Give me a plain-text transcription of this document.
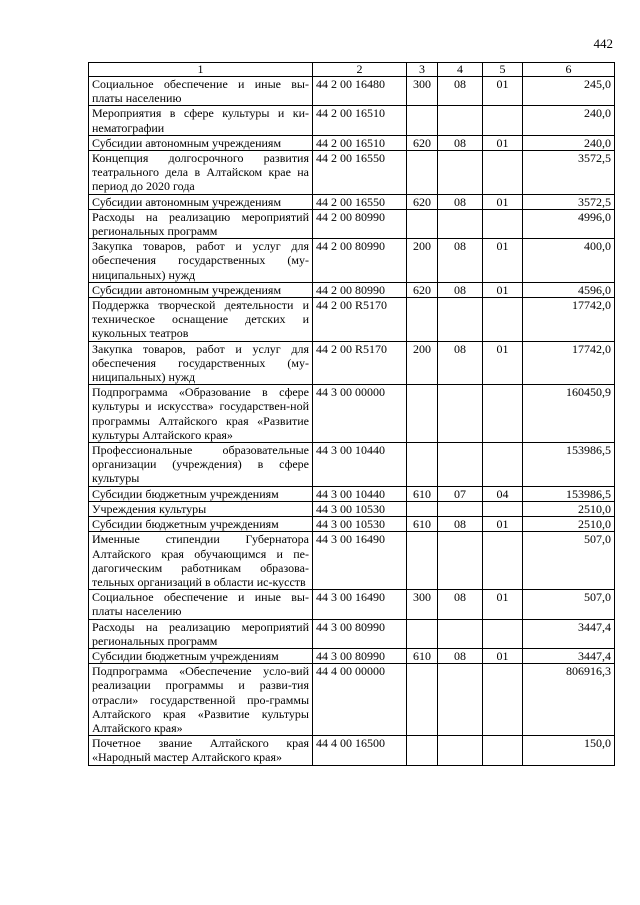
442
1	2	3	4	5	6

Социальное обеспечение и иные вы-платы населению	44 2 00 16480	300	08	01	245,0

Мероприятия в сфере культуры и ки-нематографии	44 2 00 16510				240,0

Субсидии автономным учреждениям	44 2 00 16510	620	08	01	240,0

Концепция долгосрочного развития театрального дела в Алтайском крае на период до 2020 года	44 2 00 16550				3572,5

Субсидии автономным учреждениям	44 2 00 16550	620	08	01	3572,5

Расходы на реализацию мероприятий региональных программ	44 2 00 80990				4996,0

Закупка товаров, работ и услуг для обеспечения государственных (му-ниципальных) нужд	44 2 00 80990	200	08	01	400,0

Субсидии автономным учреждениям	44 2 00 80990	620	08	01	4596,0

Поддержка творческой деятельности и техническое оснащение детских и кукольных театров	44 2 00 R5170				17742,0

Закупка товаров, работ и услуг для обеспечения государственных (му-ниципальных) нужд	44 2 00 R5170	200	08	01	17742,0

Подпрограмма «Образование в сфере культуры и искусства» государствен-ной программы Алтайского края «Развитие культуры Алтайского края»	44 3 00 00000				160450,9

Профессиональные образовательные организации (учреждения) в сфере культуры	44 3 00 10440				153986,5

Субсидии бюджетным учреждениям	44 3 00 10440	610	07	04	153986,5

Учреждения культуры	44 3 00 10530				2510,0

Субсидии бюджетным учреждениям	44 3 00 10530	610	08	01	2510,0

Именные стипендии Губернатора Алтайского края обучающимся и пе-дагогическим работникам образова-тельных организаций в области ис-кусств	44 3 00 16490				507,0

Социальное обеспечение и иные вы-платы населению	44 3 00 16490	300	08	01	507,0

Расходы на реализацию мероприятий региональных программ	44 3 00 80990				3447,4

Субсидии бюджетным учреждениям	44 3 00 80990	610	08	01	3447,4

Подпрограмма «Обеспечение усло-вий реализации программы и разви-тия отрасли» государственной про-граммы Алтайского края «Развитие культуры Алтайского края»	44 4 00 00000				806916,3

Почетное звание Алтайского края «Народный мастер Алтайского края»	44 4 00 16500				150,0
